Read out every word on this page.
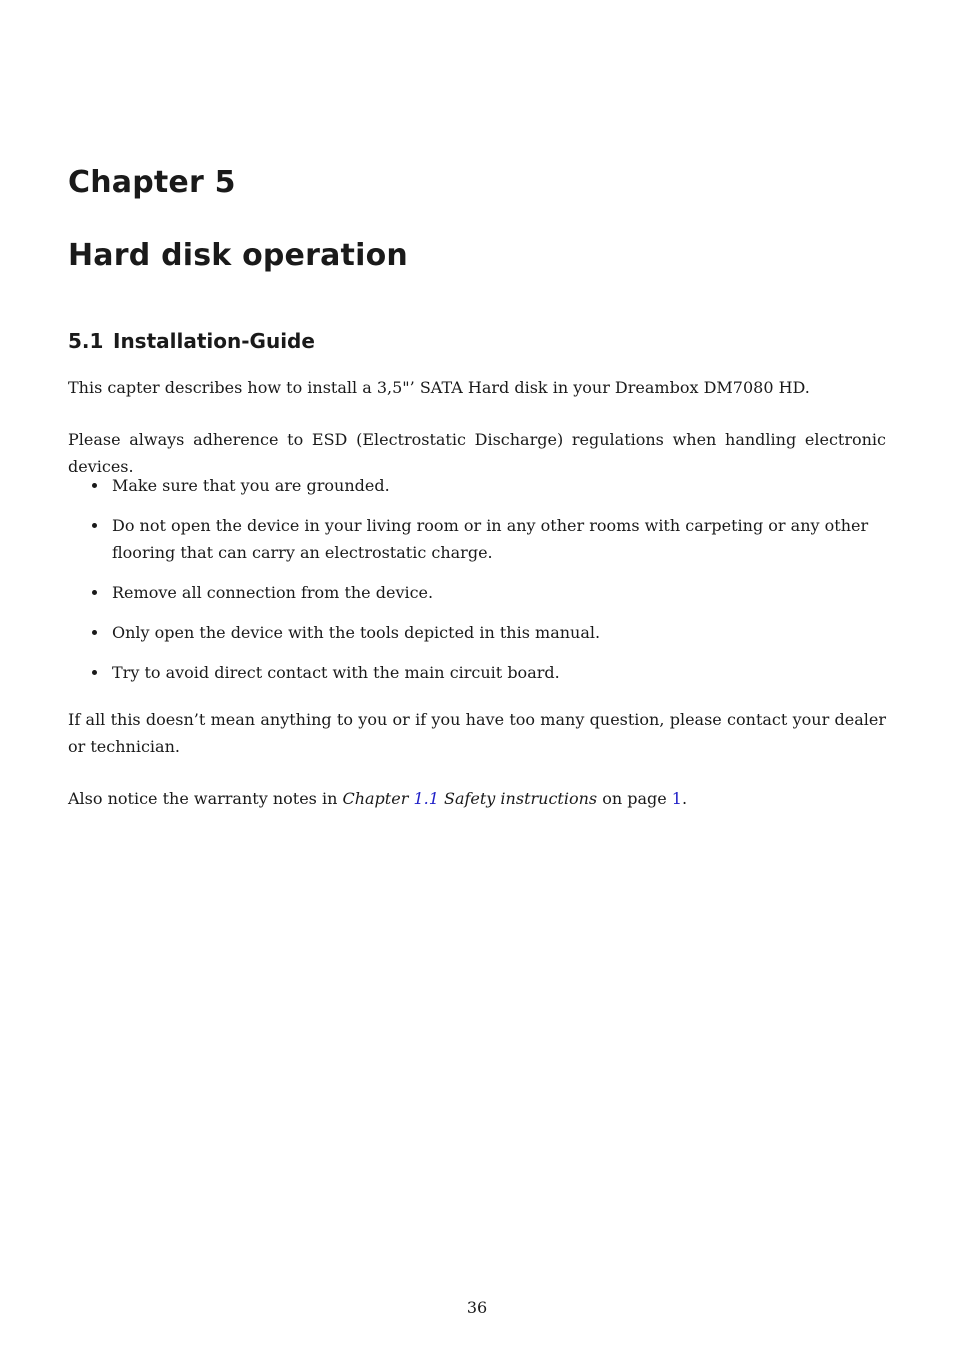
Chapter 5
Hard disk operation
5.1 Installation-Guide

This capter describes how to install a 3,5"’ SATA Hard disk in your Dreambox DM7080 HD.

Please always adherence to ESD (Electrostatic Discharge) regulations when handling electronic devices.

Make sure that you are grounded.
Do not open the device in your living room or in any other rooms with carpeting or any other flooring that can carry an electrostatic charge.
Remove all connection from the device.
Only open the device with the tools depicted in this manual.
Try to avoid direct contact with the main circuit board.

If all this doesn’t mean anything to you or if you have too many question, please contact your dealer or technician.

Also notice the warranty notes in Chapter 1.1 Safety instructions on page 1.

36
